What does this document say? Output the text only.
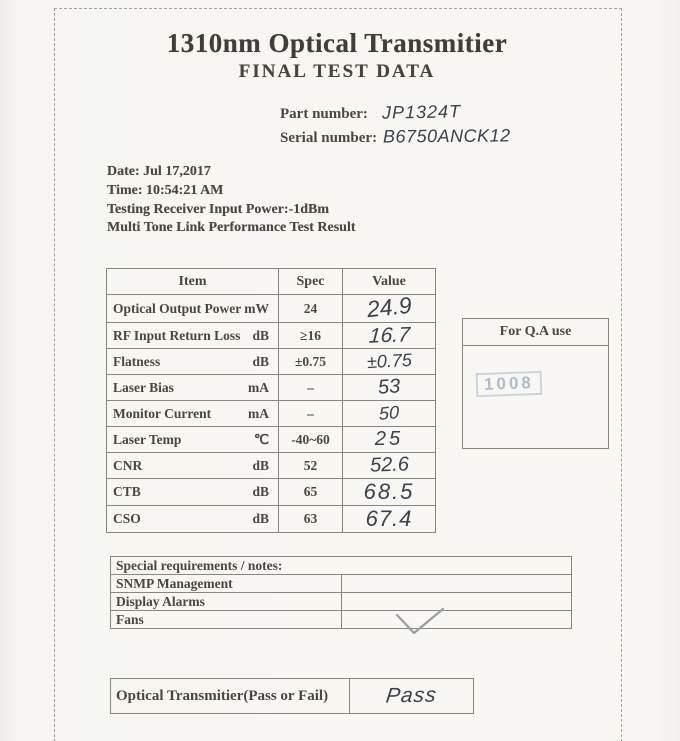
1310nm Optical Transmitier
FINAL TEST DATA
Part number: JP1324T
Serial number: B6750ANCK12
Date: Jul 17,2017
Time: 10:54:21 AM
Testing Receiver Input Power:-1dBm
Multi Tone Link Performance Test Result
Item	Spec	Value

Optical Output Power mW	24	24.9

RF Input Return Loss dB	≥16	16.7

Flatness dB	±0.75	±0.75

Laser Bias mA	–	53

Monitor Current mA	–	50

Laser Temp ℃	-40~60	25

CNR dB	52	52.6

CTB dB	65	68.5

CSO dB	63	67.4
For Q.A use
1008
Special requirements / notes:	
SNMP Management	
Display Alarms	
Fans	
Optical Transmitier(Pass or Fail)	Pass
